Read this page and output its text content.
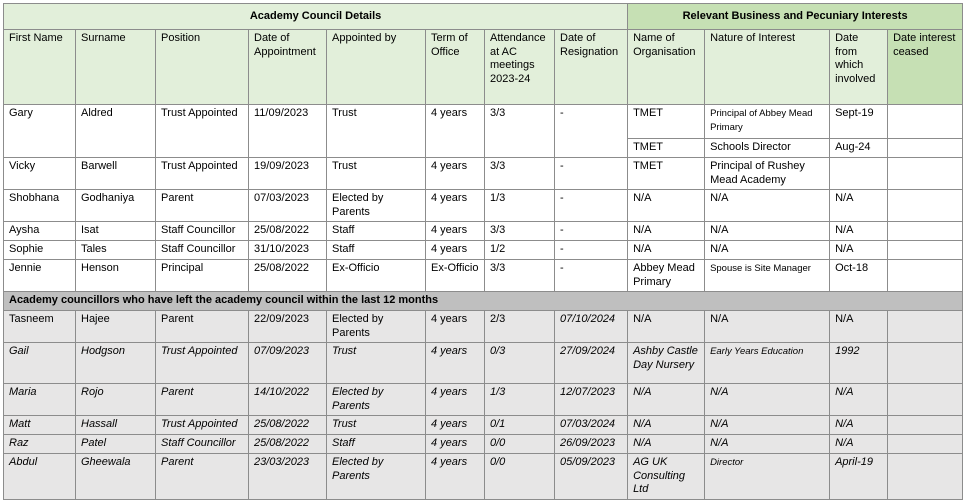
Academy Council Details								Relevant Business and Pecuniary Interests			
First Name	Surname	Position	Date of Appointment	Appointed by	Term of Office	Attendance at AC meetings 2023-24	Date of Resignation	Name of Organisation	Nature of Interest	Date from which involved	Date interest ceased
Gary	Aldred	Trust Appointed	11/09/2023	Trust	4 years	3/3	-	TMET	Principal of Abbey Mead Primary	Sept-19	
								TMET	Schools Director	Aug-24	
Vicky	Barwell	Trust Appointed	19/09/2023	Trust	4 years	3/3	-	TMET	Principal of Rushey Mead Academy		
Shobhana	Godhaniya	Parent	07/03/2023	Elected by Parents	4 years	1/3	-	N/A	N/A	N/A	
Aysha	Isat	Staff Councillor	25/08/2022	Staff	4 years	3/3	-	N/A	N/A	N/A	
Sophie	Tales	Staff Councillor	31/10/2023	Staff	4 years	1/2	-	N/A	N/A	N/A	
Jennie	Henson	Principal	25/08/2022	Ex-Officio	Ex-Officio	3/3	-	Abbey Mead Primary	Spouse is Site Manager	Oct-18	
Academy councillors who have left the academy council within the last 12 months											
Tasneem	Hajee	Parent	22/09/2023	Elected by Parents	4 years	2/3	07/10/2024	N/A	N/A	N/A	
Gail	Hodgson	Trust Appointed	07/09/2023	Trust	4 years	0/3	27/09/2024	Ashby Castle Day Nursery	Early Years Education	1992	
Maria	Rojo	Parent	14/10/2022	Elected by Parents	4 years	1/3	12/07/2023	N/A	N/A	N/A	
Matt	Hassall	Trust Appointed	25/08/2022	Trust	4 years	0/1	07/03/2024	N/A	N/A	N/A	
Raz	Patel	Staff Councillor	25/08/2022	Staff	4 years	0/0	26/09/2023	N/A	N/A	N/A	
Abdul	Gheewala	Parent	23/03/2023	Elected by Parents	4 years	0/0	05/09/2023	AG UK Consulting Ltd	Director	April-19	
